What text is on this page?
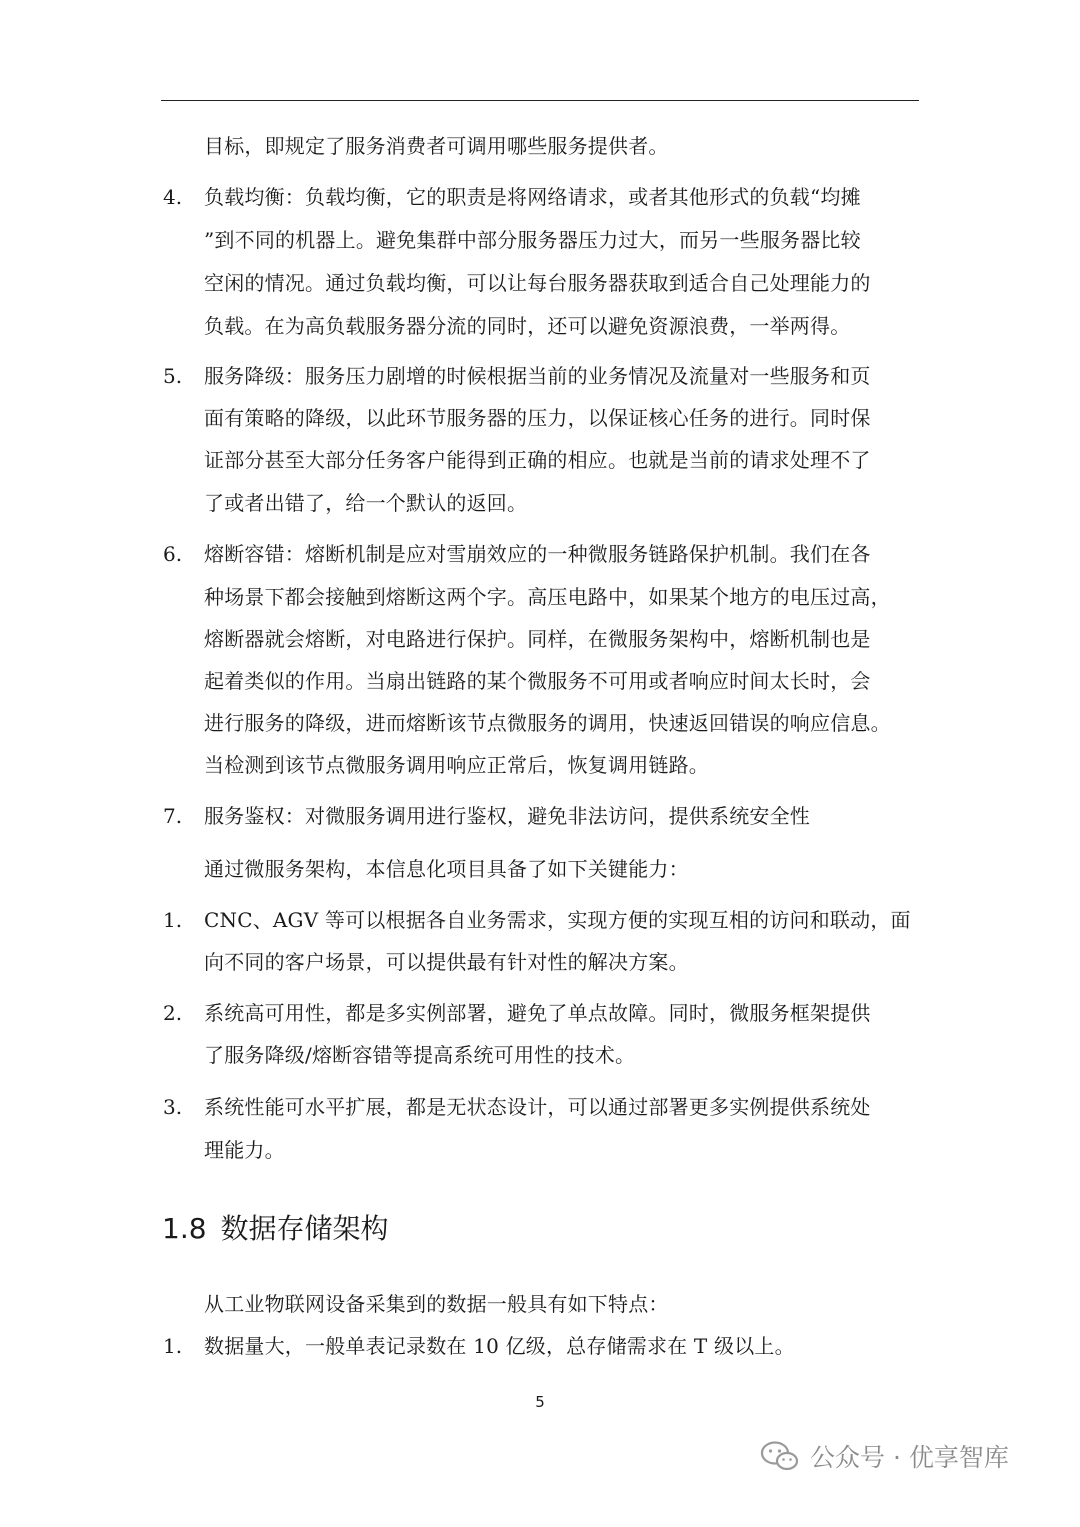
目标，即规定了服务消费者可调用哪些服务提供者。
4. 负载均衡：负载均衡，它的职责是将网络请求，或者其他形式的负载“均摊
”到不同的机器上。避免集群中部分服务器压力过大，而另一些服务器比较
空闲的情况。通过负载均衡，可以让每台服务器获取到适合自己处理能力的
负载。在为高负载服务器分流的同时，还可以避免资源浪费，一举两得。
5. 服务降级：服务压力剧增的时候根据当前的业务情况及流量对一些服务和页
面有策略的降级，以此环节服务器的压力，以保证核心任务的进行。同时保
证部分甚至大部分任务客户能得到正确的相应。也就是当前的请求处理不了
了或者出错了，给一个默认的返回。
6. 熔断容错：熔断机制是应对雪崩效应的一种微服务链路保护机制。我们在各
种场景下都会接触到熔断这两个字。高压电路中，如果某个地方的电压过高，
熔断器就会熔断，对电路进行保护。同样，在微服务架构中，熔断机制也是
起着类似的作用。当扇出链路的某个微服务不可用或者响应时间太长时，会
进行服务的降级，进而熔断该节点微服务的调用，快速返回错误的响应信息。
当检测到该节点微服务调用响应正常后，恢复调用链路。
7. 服务鉴权：对微服务调用进行鉴权，避免非法访问，提供系统安全性
通过微服务架构，本信息化项目具备了如下关键能力：
1. CNC、AGV 等可以根据各自业务需求，实现方便的实现互相的访问和联动，面
向不同的客户场景，可以提供最有针对性的解决方案。
2. 系统高可用性，都是多实例部署，避免了单点故障。同时，微服务框架提供
了服务降级/熔断容错等提高系统可用性的技术。
3. 系统性能可水平扩展，都是无状态设计，可以通过部署更多实例提供系统处
理能力。
1.8 数据存储架构
从工业物联网设备采集到的数据一般具有如下特点：
1. 数据量大，一般单表记录数在 10 亿级，总存储需求在 T 级以上。
5
公众号 · 优享智库
